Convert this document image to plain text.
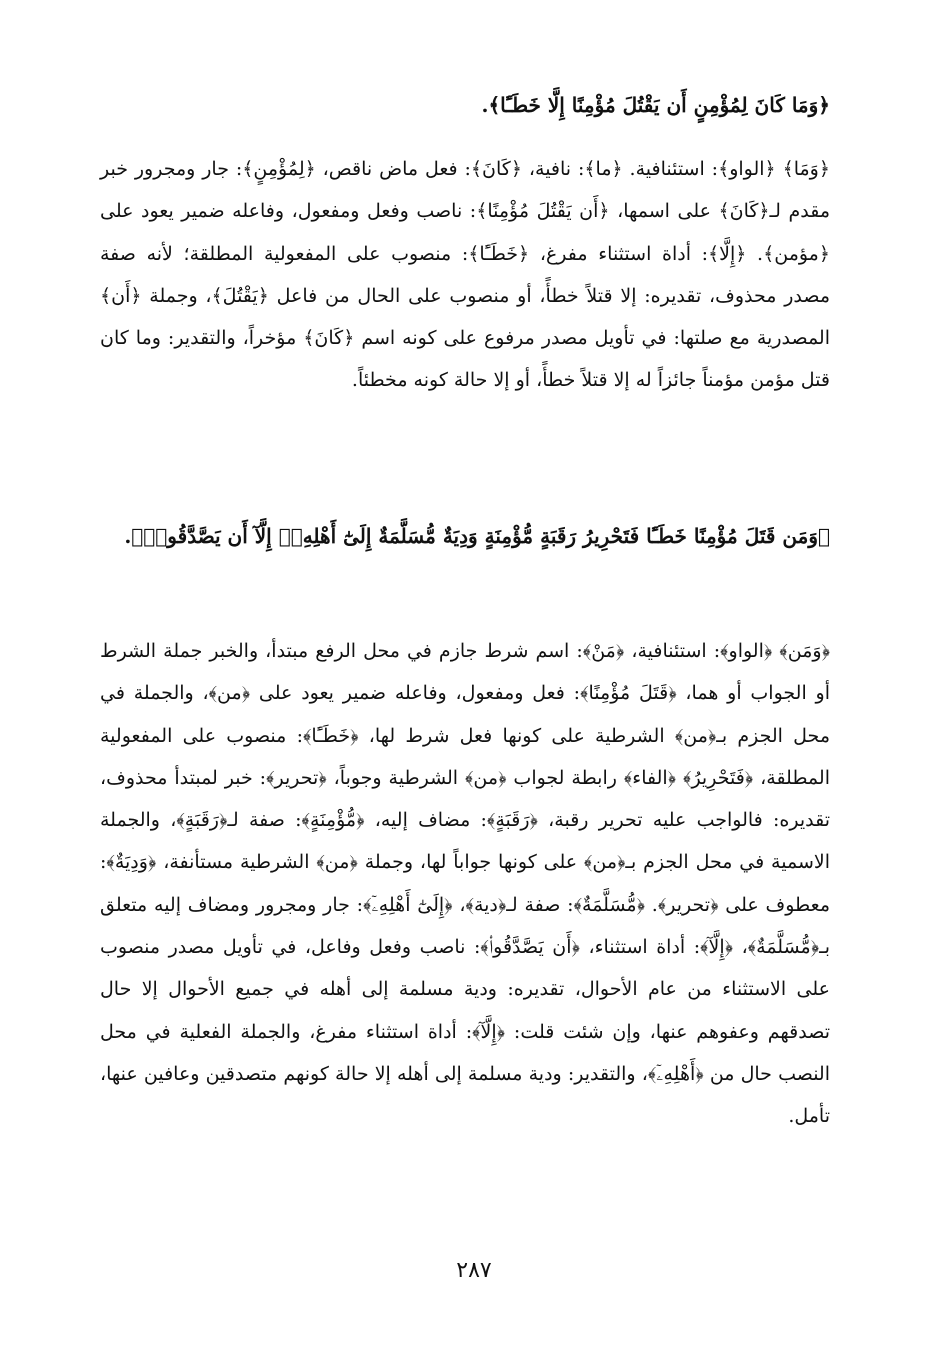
﴿وَمَا كَانَ لِمُؤْمِنٍ أَن يَقْتُلَ مُؤْمِنًا إِلَّا خَطَـًٔا﴾.
﴿وَمَا﴾ ﴿الواو﴾: استئنافية. ﴿ما﴾: نافية، ﴿كَانَ﴾: فعل ماض ناقص، ﴿لِمُؤْمِنٍ﴾: جار ومجرور خبر مقدم لـ﴿كَانَ﴾ على اسمها، ﴿أَن يَقْتُلَ مُؤْمِنًا﴾: ناصب وفعل ومفعول، وفاعله ضمير يعود على ﴿مؤمن﴾. ﴿إِلَّا﴾: أداة استثناء مفرغ، ﴿خَطَـًٔا﴾: منصوب على المفعولية المطلقة؛ لأنه صفة مصدر محذوف، تقديره: إلا قتلاً خطأً، أو منصوب على الحال من فاعل ﴿يَقْتُلَ﴾، وجملة ﴿أَن﴾ المصدرية مع صلتها: في تأويل مصدر مرفوع على كونه اسم ﴿كَانَ﴾ مؤخراً، والتقدير: وما كان قتل مؤمن مؤمناً جائزاً له إلا قتلاً خطأً، أو إلا حالة كونه مخطئاً.
﴿وَمَن قَتَلَ مُؤْمِنًا خَطَـًٔا فَتَحْرِيرُ رَقَبَةٍ مُّؤْمِنَةٍ وَدِيَةٌ مُّسَلَّمَةٌ إِلَىٰٓ أَهْلِهِۦٓ إِلَّآ أَن يَصَّدَّقُوا۟﴾.
﴿وَمَن﴾ ﴿الواو﴾: استئنافية، ﴿مَنْ﴾: اسم شرط جازم في محل الرفع مبتدأ، والخبر جملة الشرط أو الجواب أو هما، ﴿قَتَلَ مُؤْمِنًا﴾: فعل ومفعول، وفاعله ضمير يعود على ﴿من﴾، والجملة في محل الجزم بـ﴿من﴾ الشرطية على كونها فعل شرط لها، ﴿خَطَـًٔا﴾: منصوب على المفعولية المطلقة، ﴿فَتَحْرِيرُ﴾ ﴿الفاء﴾ رابطة لجواب ﴿من﴾ الشرطية وجوباً، ﴿تحرير﴾: خبر لمبتدأ محذوف، تقديره: فالواجب عليه تحرير رقبة، ﴿رَقَبَةٍ﴾: مضاف إليه، ﴿مُّؤْمِنَةٍ﴾: صفة لـ﴿رَقَبَةٍ﴾، والجملة الاسمية في محل الجزم بـ﴿من﴾ على كونها جواباً لها، وجملة ﴿من﴾ الشرطية مستأنفة، ﴿وَدِيَةٌ﴾: معطوف على ﴿تحرير﴾. ﴿مُّسَلَّمَةٌ﴾: صفة لـ﴿دية﴾، ﴿إِلَىٰٓ أَهْلِهِۦٓ﴾: جار ومجرور ومضاف إليه متعلق بـ﴿مُّسَلَّمَةٌ﴾، ﴿إِلَّآ﴾: أداة استثناء، ﴿أَن يَصَّدَّقُوا۟﴾: ناصب وفعل وفاعل، في تأويل مصدر منصوب على الاستثناء من عام الأحوال، تقديره: ودية مسلمة إلى أهله في جميع الأحوال إلا حال تصدقهم وعفوهم عنها، وإن شئت قلت: ﴿إِلَّآ﴾: أداة استثناء مفرغ، والجملة الفعلية في محل النصب حال من ﴿أَهْلِهِۦٓ﴾، والتقدير: ودية مسلمة إلى أهله إلا حالة كونهم متصدقين وعافين عنها، تأمل.
٢٨٧
